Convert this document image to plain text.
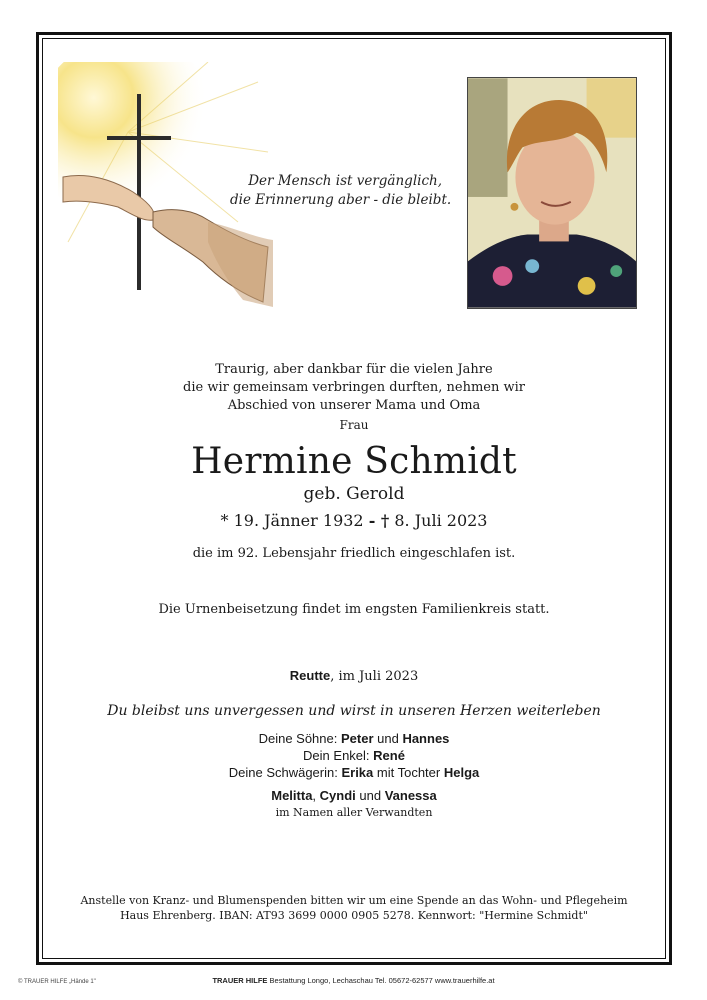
Der Mensch ist vergänglich,
die Erinnerung aber - die bleibt.
Traurig, aber dankbar für die vielen Jahre
die wir gemeinsam verbringen durften, nehmen wir
Abschied von unserer Mama und Oma
Frau
Hermine Schmidt
geb. Gerold
* 19. Jänner 1932 - † 8. Juli 2023
die im 92. Lebensjahr friedlich eingeschlafen ist.
Die Urnenbeisetzung findet im engsten Familienkreis statt.
Reutte, im Juli 2023
Du bleibst uns unvergessen und wirst in unseren Herzen weiterleben
Deine Söhne: Peter und Hannes
Dein Enkel: René
Deine Schwägerin: Erika mit Tochter Helga
Melitta, Cyndi und Vanessa
im Namen aller Verwandten
Anstelle von Kranz- und Blumenspenden bitten wir um eine Spende an das Wohn- und Pflegeheim
Haus Ehrenberg. IBAN: AT93 3699 0000 0905 5278. Kennwort: "Hermine Schmidt"
© TRAUER HILFE „Hände 1"	TRAUER HILFE Bestattung Longo, Lechaschau Tel. 05672-62577 www.trauerhilfe.at
